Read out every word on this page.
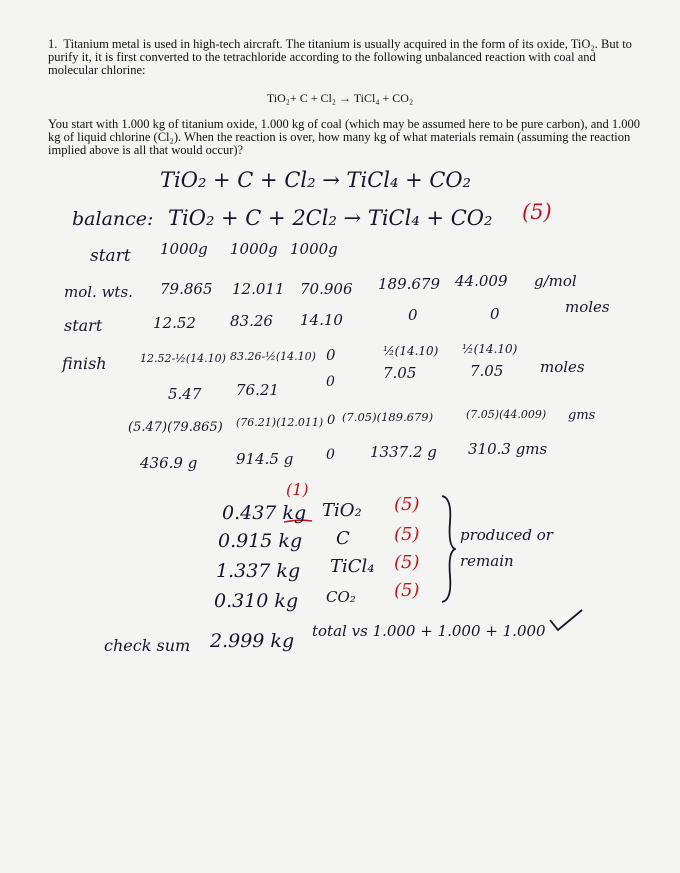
1. Titanium metal is used in high-tech aircraft. The titanium is usually acquired in the form of its oxide, TiO₂. But to purify it, it is first converted to the tetrachloride according to the following unbalanced reaction with coal and molecular chlorine:
TiO₂+ C + Cl₂ → TiCl₄ + CO₂
You start with 1.000 kg of titanium oxide, 1.000 kg of coal (which may be assumed here to be pure carbon), and 1.000 kg of liquid chlorine (Cl₂). When the reaction is over, how many kg of what materials remain (assuming the reaction implied above is all that would occur)?
TiO₂ + C + Cl₂ → TiCl₄ + CO₂
balance: TiO₂ + C + 2Cl₂ → TiCl₄ + CO₂ (5)
start 1000g 1000g 1000g
mol. wts. 79.865 12.011 70.906 189.679 44.009 g/mol
start	12.52 83.26 14.10	0	0	moles
finish	12.52-½(14.10) 83.26-½(14.10) 0	½(14.10) ½(14.10)
5.47 76.21	0	7.05	7.05 moles
(5.47)(79.865) (76.21)(12.011) 0 (7.05)(189.679)	(7.05)(44.009) gms
436.9 g	914.5 g 0 1337.2 g 310.3 gms
(1)
0.437 kg TiO₂ (5)
0.915 kg C (5)
1.337 kg TiCl₄ (5)
0.310 kg CO₂ (5)
produced or remain
check sum 2.999 kg total vs 1.000 + 1.000 + 1.000
